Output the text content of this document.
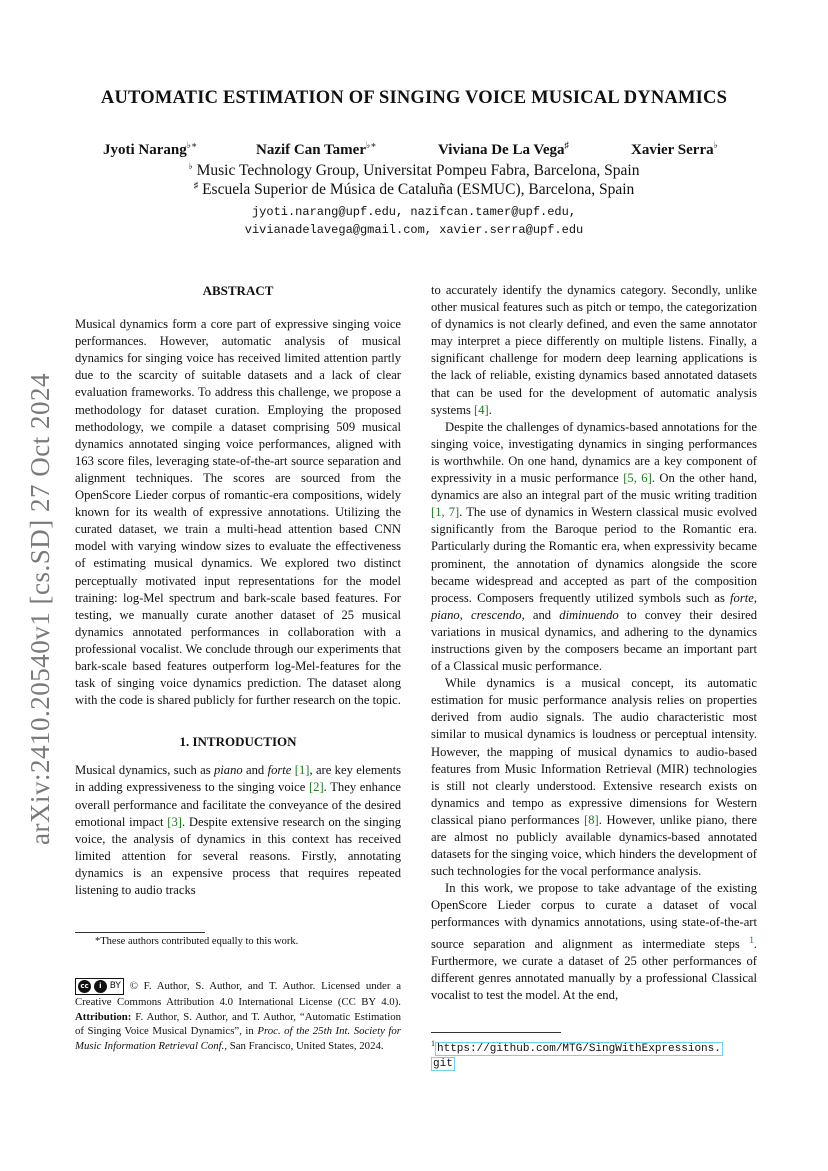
arXiv:2410.20540v1 [cs.SD] 27 Oct 2024
AUTOMATIC ESTIMATION OF SINGING VOICE MUSICAL DYNAMICS
Jyoti Narang♭∗	Nazif Can Tamer♭∗	Viviana De La Vega♯	Xavier Serra♭
♭ Music Technology Group, Universitat Pompeu Fabra, Barcelona, Spain
♯ Escuela Superior de Música de Cataluña (ESMUC), Barcelona, Spain
jyoti.narang@upf.edu, nazifcan.tamer@upf.edu,
vivianadelavega@gmail.com, xavier.serra@upf.edu

ABSTRACT

Musical dynamics form a core part of expressive singing voice performances. However, automatic analysis of musical dynamics for singing voice has received limited attention partly due to the scarcity of suitable datasets and a lack of clear evaluation frameworks. To address this challenge, we propose a methodology for dataset curation. Employing the proposed methodology, we compile a dataset comprising 509 musical dynamics annotated singing voice performances, aligned with 163 score files, leveraging state-of-the-art source separation and alignment techniques. The scores are sourced from the OpenScore Lieder corpus of romantic-era compositions, widely known for its wealth of expressive annotations. Utilizing the curated dataset, we train a multi-head attention based CNN model with varying window sizes to evaluate the effectiveness of estimating musical dynamics. We explored two distinct perceptually motivated input representations for the model training: log-Mel spectrum and bark-scale based features. For testing, we manually curate another dataset of 25 musical dynamics annotated performances in collaboration with a professional vocalist. We conclude through our experiments that bark-scale based features outperform log-Mel-features for the task of singing voice dynamics prediction. The dataset along with the code is shared publicly for further research on the topic.

1. INTRODUCTION

Musical dynamics, such as piano and forte [1], are key elements in adding expressiveness to the singing voice [2]. They enhance overall performance and facilitate the conveyance of the desired emotional impact [3]. Despite extensive research on the singing voice, the analysis of dynamics in this context has received limited attention for several reasons. Firstly, annotating dynamics is an expensive process that requires repeated listening to audio tracks

*These authors contributed equally to this work.
cc i BY © F. Author, S. Author, and T. Author. Licensed under a Creative Commons Attribution 4.0 International License (CC BY 4.0). Attribution: F. Author, S. Author, and T. Author, “Automatic Estimation of Singing Voice Musical Dynamics”, in Proc. of the 25th Int. Society for Music Information Retrieval Conf., San Francisco, United States, 2024.

to accurately identify the dynamics category. Secondly, unlike other musical features such as pitch or tempo, the categorization of dynamics is not clearly defined, and even the same annotator may interpret a piece differently on multiple listens. Finally, a significant challenge for modern deep learning applications is the lack of reliable, existing dynamics based annotated datasets that can be used for the development of automatic analysis systems [4].

Despite the challenges of dynamics-based annotations for the singing voice, investigating dynamics in singing performances is worthwhile. On one hand, dynamics are a key component of expressivity in a music performance [5, 6]. On the other hand, dynamics are also an integral part of the music writing tradition [1, 7]. The use of dynamics in Western classical music evolved significantly from the Baroque period to the Romantic era. Particularly during the Romantic era, when expressivity became prominent, the annotation of dynamics alongside the score became widespread and accepted as part of the composition process. Composers frequently utilized symbols such as forte, piano, crescendo, and diminuendo to convey their desired variations in musical dynamics, and adhering to the dynamics instructions given by the composers became an important part of a Classical music performance.

While dynamics is a musical concept, its automatic estimation for music performance analysis relies on properties derived from audio signals. The audio characteristic most similar to musical dynamics is loudness or perceptual intensity. However, the mapping of musical dynamics to audio-based features from Music Information Retrieval (MIR) technologies is still not clearly understood. Extensive research exists on dynamics and tempo as expressive dimensions for Western classical piano performances [8]. However, unlike piano, there are almost no publicly available dynamics-based annotated datasets for the singing voice, which hinders the development of such technologies for the vocal performance analysis.

In this work, we propose to take advantage of the existing OpenScore Lieder corpus to curate a dataset of vocal performances with dynamics annotations, using state-of-the-art source separation and alignment as intermediate steps $^1$. Furthermore, we curate a dataset of 25 other performances of different genres annotated manually by a professional Classical vocalist to test the model. At the end,

$^1$ https://github.com/MTG/SingWithExpressions.
git
